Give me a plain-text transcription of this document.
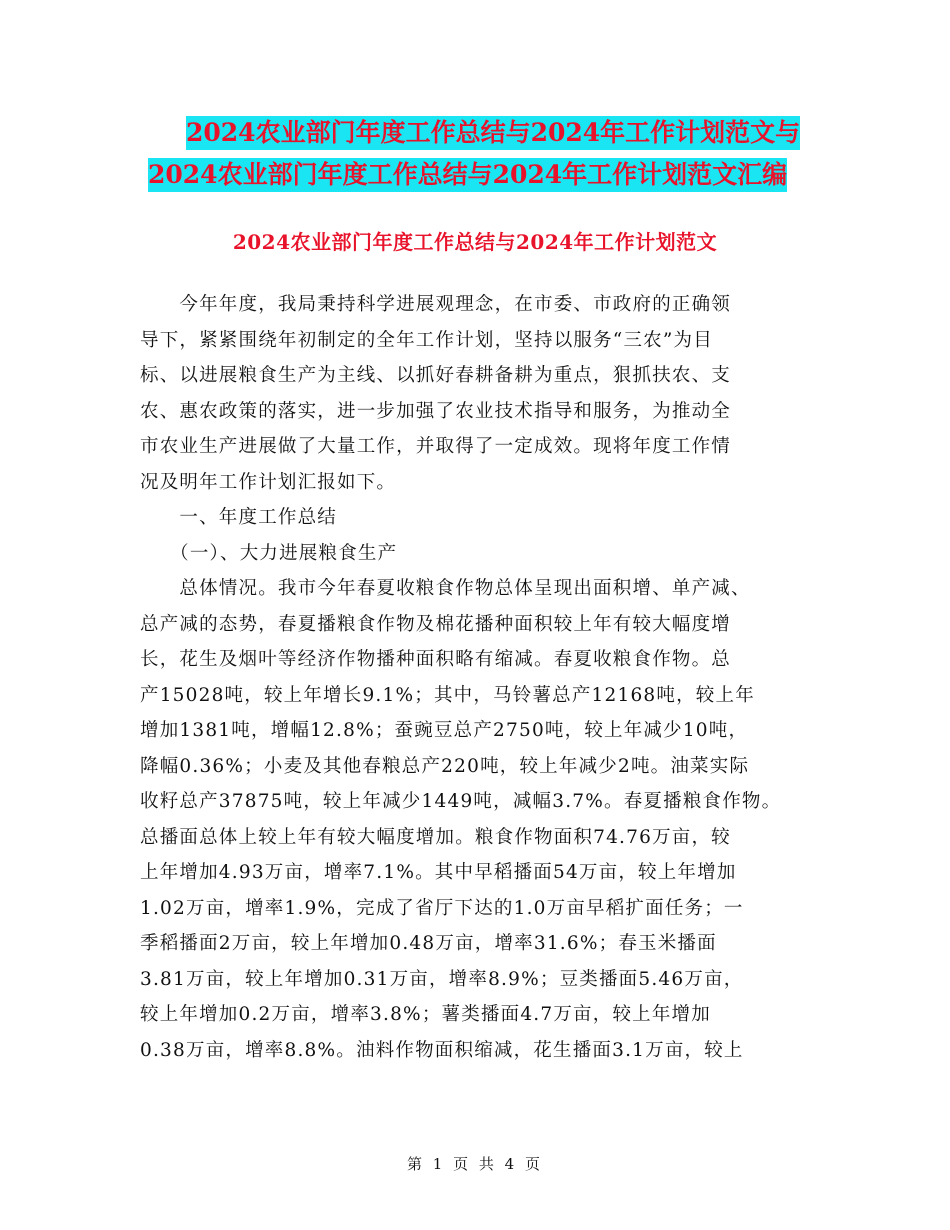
2024农业部门年度工作总结与2024年工作计划范文与
2024农业部门年度工作总结与2024年工作计划范文汇编
2024农业部门年度工作总结与2024年工作计划范文

　　今年年度，我局秉持科学进展观理念，在市委、市政府的正确领

导下，紧紧围绕年初制定的全年工作计划，坚持以服务“三农”为目

标、以进展粮食生产为主线、以抓好春耕备耕为重点，狠抓扶农、支

农、惠农政策的落实，进一步加强了农业技术指导和服务，为推动全

市农业生产进展做了大量工作，并取得了一定成效。现将年度工作情

况及明年工作计划汇报如下。

　　一、年度工作总结

　　（一）、大力进展粮食生产

　　总体情况。我市今年春夏收粮食作物总体呈现出面积增、单产减、

总产减的态势，春夏播粮食作物及棉花播种面积较上年有较大幅度增

长，花生及烟叶等经济作物播种面积略有缩减。春夏收粮食作物。总

产15028吨，较上年增长9.1%；其中，马铃薯总产12168吨，较上年

增加1381吨，增幅12.8%；蚕豌豆总产2750吨，较上年减少10吨，

降幅0.36%；小麦及其他春粮总产220吨，较上年减少2吨。油菜实际

收籽总产37875吨，较上年减少1449吨，减幅3.7%。春夏播粮食作物。

总播面总体上较上年有较大幅度增加。粮食作物面积74.76万亩，较

上年增加4.93万亩，增率7.1%。其中早稻播面54万亩，较上年增加

1.02万亩，增率1.9%，完成了省厅下达的1.0万亩早稻扩面任务；一

季稻播面2万亩，较上年增加0.48万亩，增率31.6%；春玉米播面

3.81万亩，较上年增加0.31万亩，增率8.9%；豆类播面5.46万亩，

较上年增加0.2万亩，增率3.8%；薯类播面4.7万亩，较上年增加

0.38万亩，增率8.8%。油料作物面积缩减，花生播面3.1万亩，较上

第 1 页 共 4 页
